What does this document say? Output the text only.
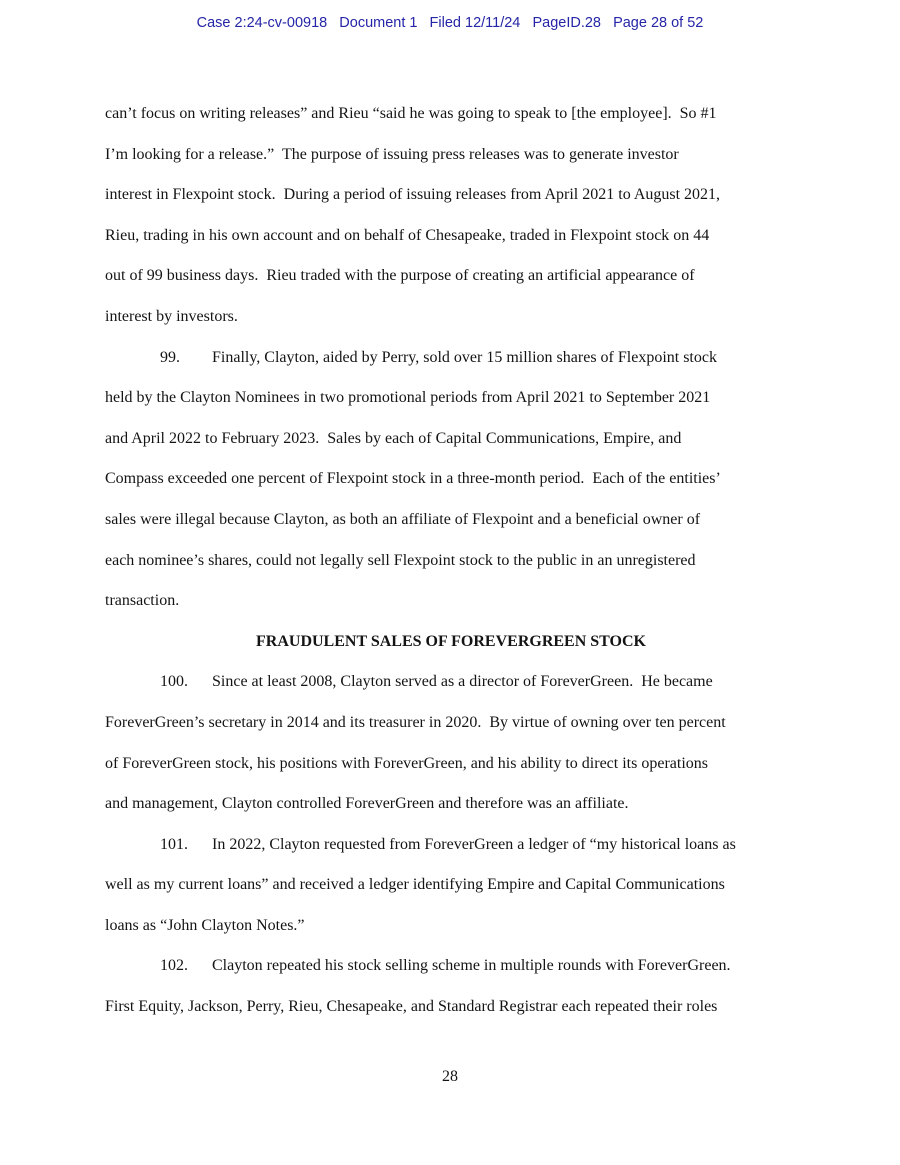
Case 2:24-cv-00918   Document 1   Filed 12/11/24   PageID.28   Page 28 of 52
can’t focus on writing releases” and Rieu “said he was going to speak to [the employee].  So #1
I’m looking for a release.”  The purpose of issuing press releases was to generate investor
interest in Flexpoint stock.  During a period of issuing releases from April 2021 to August 2021,
Rieu, trading in his own account and on behalf of Chesapeake, traded in Flexpoint stock on 44
out of 99 business days.  Rieu traded with the purpose of creating an artificial appearance of
interest by investors.
99. Finally, Clayton, aided by Perry, sold over 15 million shares of Flexpoint stock
held by the Clayton Nominees in two promotional periods from April 2021 to September 2021
and April 2022 to February 2023.  Sales by each of Capital Communications, Empire, and
Compass exceeded one percent of Flexpoint stock in a three-month period.  Each of the entities’
sales were illegal because Clayton, as both an affiliate of Flexpoint and a beneficial owner of
each nominee’s shares, could not legally sell Flexpoint stock to the public in an unregistered
transaction.
FRAUDULENT SALES OF FOREVERGREEN STOCK
100. Since at least 2008, Clayton served as a director of ForeverGreen.  He became
ForeverGreen’s secretary in 2014 and its treasurer in 2020.  By virtue of owning over ten percent
of ForeverGreen stock, his positions with ForeverGreen, and his ability to direct its operations
and management, Clayton controlled ForeverGreen and therefore was an affiliate.
101. In 2022, Clayton requested from ForeverGreen a ledger of “my historical loans as
well as my current loans” and received a ledger identifying Empire and Capital Communications
loans as “John Clayton Notes.”
102. Clayton repeated his stock selling scheme in multiple rounds with ForeverGreen.
First Equity, Jackson, Perry, Rieu, Chesapeake, and Standard Registrar each repeated their roles
28
